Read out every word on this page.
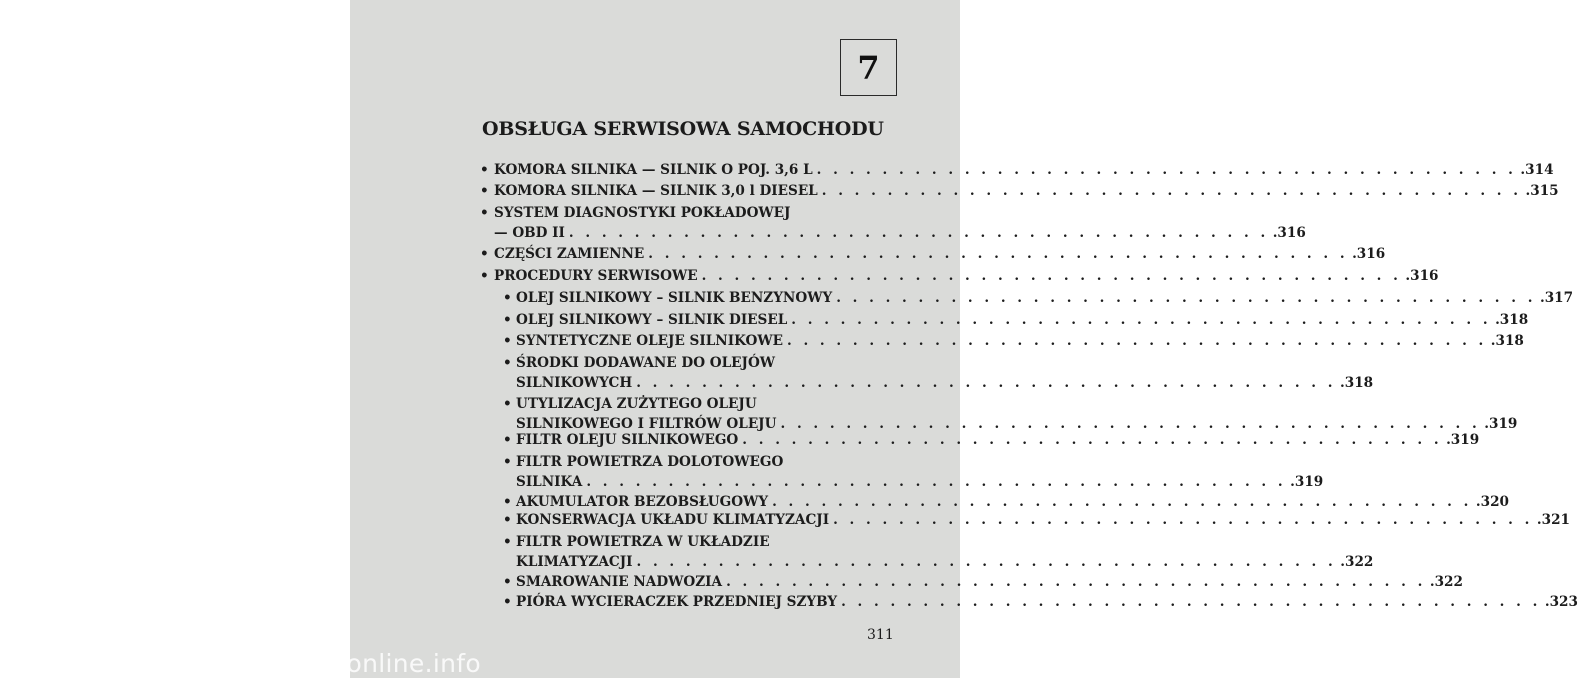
7
OBSŁUGA SERWISOWA SAMOCHODU
• KOMORA SILNIKA — SILNIK O POJ. 3,6 L . . . . . . . . . . . . . . . . . . . . . . . . . . . . . . . . . . . . . . . . . . . .314
• KOMORA SILNIKA — SILNIK 3,0 l DIESEL . . . . . . . . . . . . . . . . . . . . . . . . . . . . . . . . . . . . . . . . . . . .315
• SYSTEM DIAGNOSTYKI POKŁADOWEJ
— OBD II . . . . . . . . . . . . . . . . . . . . . . . . . . . . . . . . . . . . . . . . . . . .316
• CZĘŚCI ZAMIENNE . . . . . . . . . . . . . . . . . . . . . . . . . . . . . . . . . . . . . . . . . . . .316
• PROCEDURY SERWISOWE . . . . . . . . . . . . . . . . . . . . . . . . . . . . . . . . . . . . . . . . . . . .316
• OLEJ SILNIKOWY – SILNIK BENZYNOWY . . . . . . . . . . . . . . . . . . . . . . . . . . . . . . . . . . . . . . . . . . . .317
• OLEJ SILNIKOWY – SILNIK DIESEL . . . . . . . . . . . . . . . . . . . . . . . . . . . . . . . . . . . . . . . . . . . .318
• SYNTETYCZNE OLEJE SILNIKOWE . . . . . . . . . . . . . . . . . . . . . . . . . . . . . . . . . . . . . . . . . . . .318
• ŚRODKI DODAWANE DO OLEJÓW
SILNIKOWYCH . . . . . . . . . . . . . . . . . . . . . . . . . . . . . . . . . . . . . . . . . . . .318
• UTYLIZACJA ZUŻYTEGO OLEJU
SILNIKOWEGO I FILTRÓW OLEJU . . . . . . . . . . . . . . . . . . . . . . . . . . . . . . . . . . . . . . . . . . . .319
• FILTR OLEJU SILNIKOWEGO . . . . . . . . . . . . . . . . . . . . . . . . . . . . . . . . . . . . . . . . . . . .319
• FILTR POWIETRZA DOLOTOWEGO
SILNIKA . . . . . . . . . . . . . . . . . . . . . . . . . . . . . . . . . . . . . . . . . . . .319
• AKUMULATOR BEZOBSŁUGOWY . . . . . . . . . . . . . . . . . . . . . . . . . . . . . . . . . . . . . . . . . . . .320
• KONSERWACJA UKŁADU KLIMATYZACJI . . . . . . . . . . . . . . . . . . . . . . . . . . . . . . . . . . . . . . . . . . . .321
• FILTR POWIETRZA W UKŁADZIE
KLIMATYZACJI . . . . . . . . . . . . . . . . . . . . . . . . . . . . . . . . . . . . . . . . . . . .322
• SMAROWANIE NADWOZIA . . . . . . . . . . . . . . . . . . . . . . . . . . . . . . . . . . . . . . . . . . . .322
• PIÓRA WYCIERACZEK PRZEDNIEJ SZYBY . . . . . . . . . . . . . . . . . . . . . . . . . . . . . . . . . . . . . . . . . . . .323
311
carmanualsonline.info
